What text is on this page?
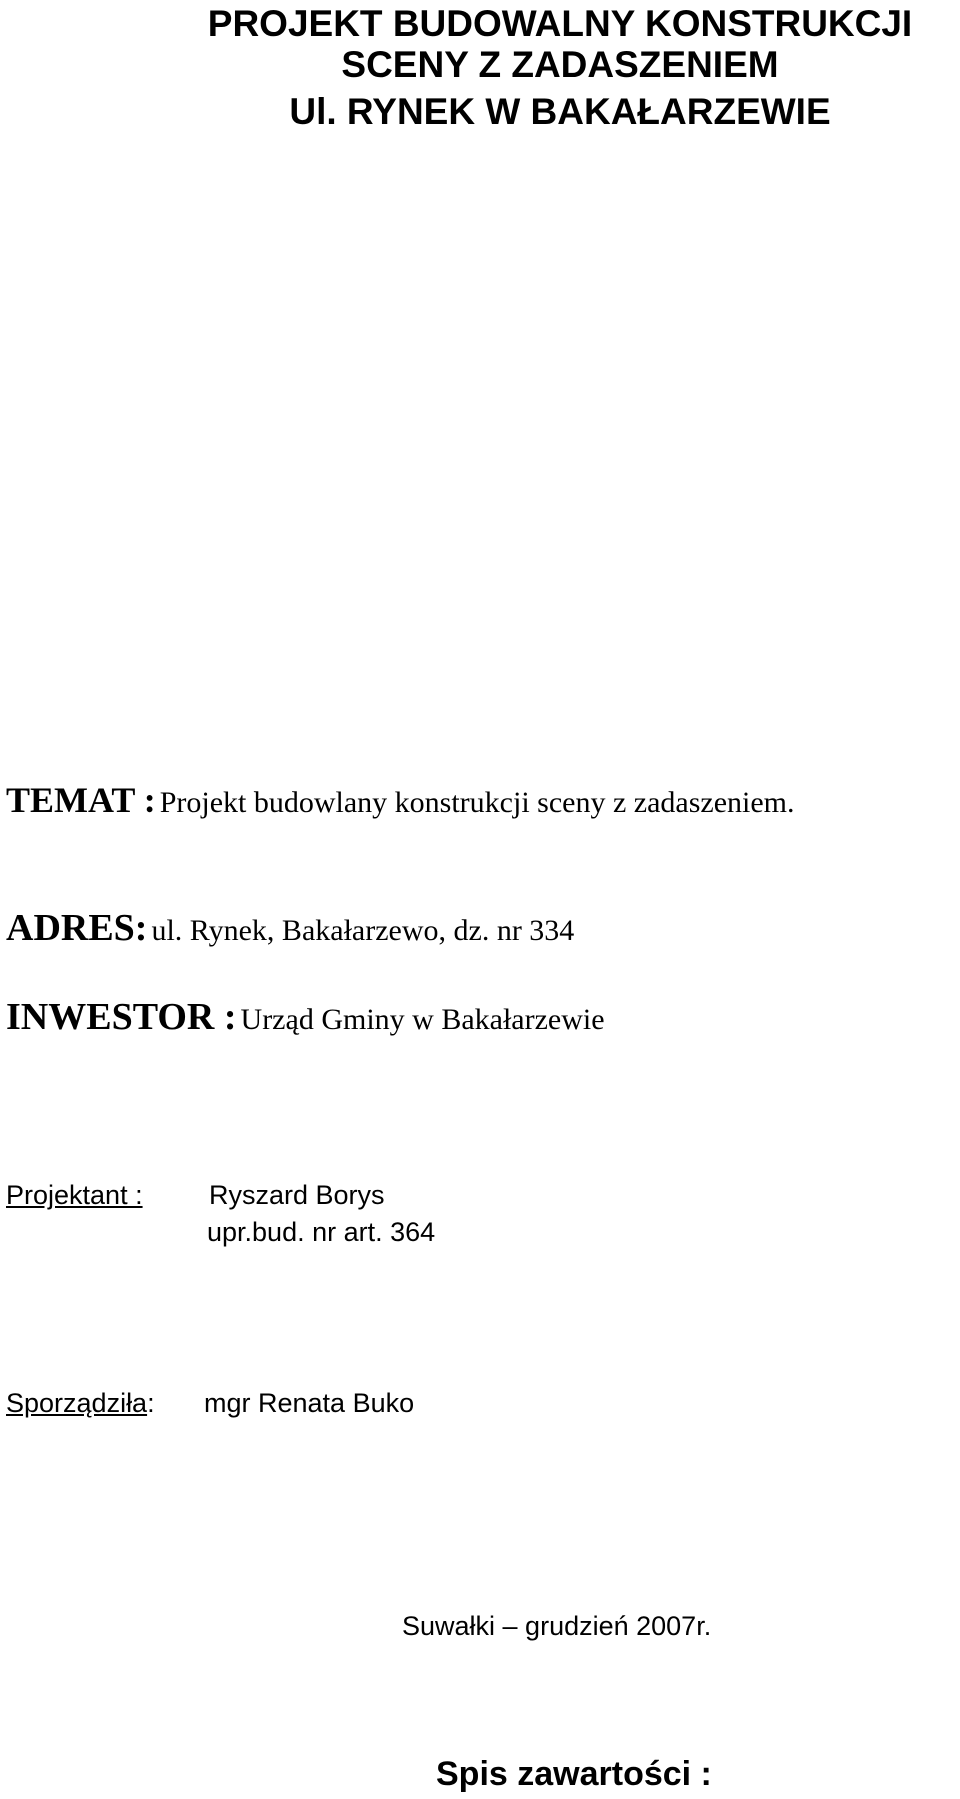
PROJEKT BUDOWALNY KONSTRUKCJI
SCENY Z ZADASZENIEM
Ul. RYNEK W BAKAŁARZEWIE
TEMAT : Projekt budowlany konstrukcji sceny z zadaszeniem.
ADRES: ul. Rynek, Bakałarzewo, dz. nr 334
INWESTOR : Urząd Gminy w Bakałarzewie
Projektant : Ryszard Borys
upr.bud. nr art. 364
Sporządziła: mgr Renata Buko
Suwałki – grudzień 2007r.
Spis zawartości :
